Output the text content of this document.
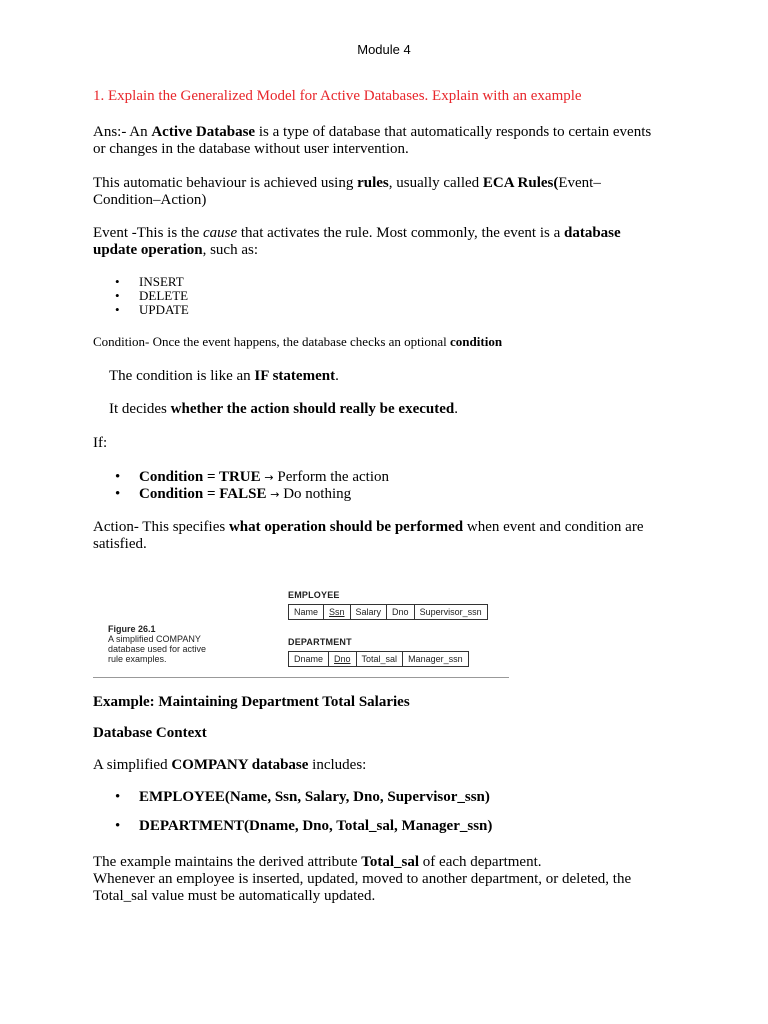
Module 4

1. Explain the Generalized Model for Active Databases. Explain with an example

Ans:- An Active Database is a type of database that automatically responds to certain events
or changes in the database without user intervention.

This automatic behaviour is achieved using rules, usually called ECA Rules(Event–
Condition–Action)

Event -This is the cause that activates the rule. Most commonly, the event is a database
update operation, such as:

• INSERT
• DELETE
• UPDATE

Condition- Once the event happens, the database checks an optional condition

The condition is like an IF statement.

It decides whether the action should really be executed.

If:

• Condition = TRUE → Perform the action
• Condition = FALSE → Do nothing

Action- This specifies what operation should be performed when event and condition are
satisfied.

Figure 26.1
A simplified COMPANY
database used for active
rule examples.
EMPLOYEE
Name	Ssn	Salary	Dno	Supervisor_ssn
DEPARTMENT
Dname	Dno	Total_sal	Manager_ssn

Example: Maintaining Department Total Salaries

Database Context

A simplified COMPANY database includes:

• EMPLOYEE(Name, Ssn, Salary, Dno, Supervisor_ssn)
• DEPARTMENT(Dname, Dno, Total_sal, Manager_ssn)

The example maintains the derived attribute Total_sal of each department.
Whenever an employee is inserted, updated, moved to another department, or deleted, the
Total_sal value must be automatically updated.
